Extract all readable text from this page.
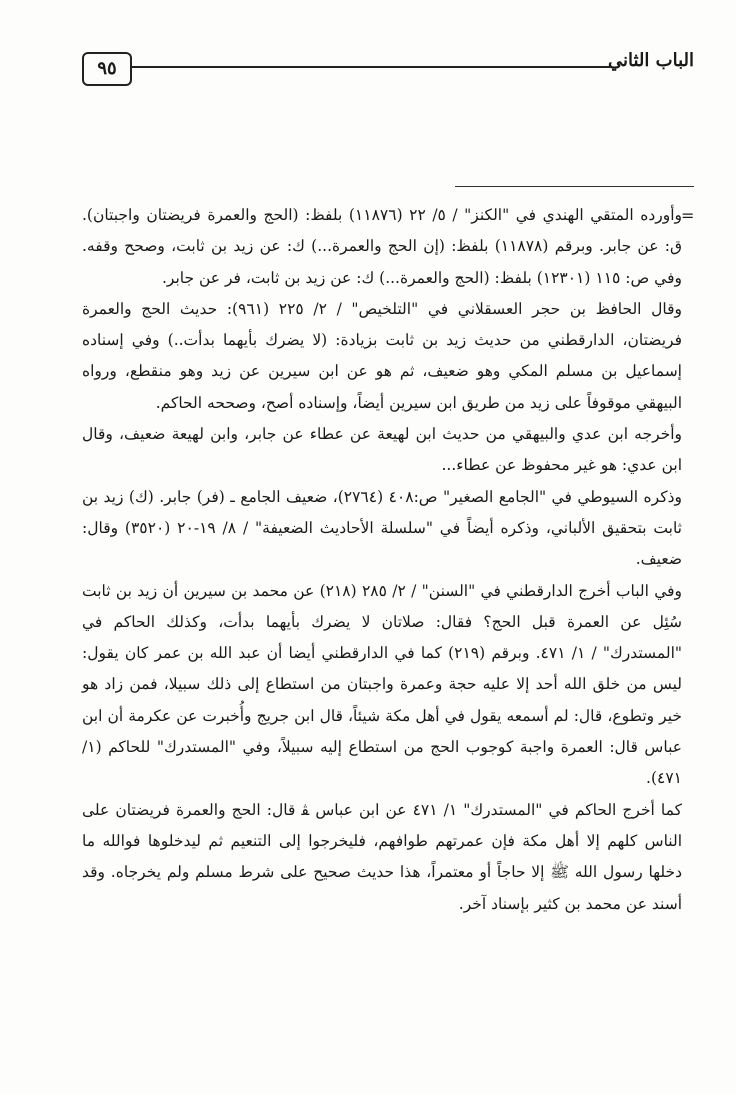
٩٥	الباب الثاني
=

وأورده المتقي الهندي في "الكنز" / ٥/ ٢٢ (١١٨٧٦) بلفظ: (الحج والعمرة فريضتان واجبتان). ق: عن جابر. وبرقم (١١٨٧٨) بلفظ: (إن الحج والعمرة...) ك: عن زيد بن ثابت، وصحح وقفه. وفي ص: ١١٥ (١٢٣٠١) بلفظ: (الحج والعمرة...) ك: عن زيد بن ثابت، فر عن جابر.

وقال الحافظ بن حجر العسقلاني في "التلخيص" / ٢/ ٢٢٥ (٩٦١): حديث الحج والعمرة فريضتان، الدارقطني من حديث زيد بن ثابت بزيادة: (لا يضرك بأيهما بدأت..) وفي إسناده إسماعيل بن مسلم المكي وهو ضعيف، ثم هو عن ابن سيرين عن زيد وهو منقطع، ورواه البيهقي موقوفاً على زيد من طريق ابن سيرين أيضاً، وإسناده أصح، وصححه الحاكم.

وأخرجه ابن عدي والبيهقي من حديث ابن لهيعة عن عطاء عن جابر، وابن لهيعة ضعيف، وقال ابن عدي: هو غير محفوظ عن عطاء...

وذكره السيوطي في "الجامع الصغير" ص:٤٠٨ (٢٧٦٤)، ضعيف الجامع ـ (فر) جابر. (ك) زيد بن ثابت بتحقيق الألباني، وذكره أيضاً في "سلسلة الأحاديث الضعيفة" / ٨/ ١٩-٢٠ (٣٥٢٠) وقال: ضعيف.

وفي الباب أخرج الدارقطني في "السنن" / ٢/ ٢٨٥ (٢١٨) عن محمد بن سيرين أن زيد بن ثابت سُئِل عن العمرة قبل الحج؟ فقال: صلاتان لا يضرك بأيهما بدأت، وكذلك الحاكم في "المستدرك" / ١/ ٤٧١. وبرقم (٢١٩) كما في الدارقطني أيضا أن عبد الله بن عمر كان يقول: ليس من خلق الله أحد إلا عليه حجة وعمرة واجبتان من استطاع إلى ذلك سبيلا، فمن زاد هو خير وتطوع، قال: لم أسمعه يقول في أهل مكة شيئاً، قال ابن جريج وأُخبرت عن عكرمة أن ابن عباس قال: العمرة واجبة كوجوب الحج من استطاع إليه سبيلاً، وفي "المستدرك" للحاكم (١/ ٤٧١).

كما أخرج الحاكم في "المستدرك" ١/ ٤٧١ عن ابن عباس ﭭ قال: الحج والعمرة فريضتان على الناس كلهم إلا أهل مكة فإن عمرتهم طوافهم، فليخرجوا إلى التنعيم ثم ليدخلوها فوالله ما دخلها رسول الله ﷺ إلا حاجاً أو معتمراً، هذا حديث صحيح على شرط مسلم ولم يخرجاه. وقد أسند عن محمد بن كثير بإسناد آخر.
